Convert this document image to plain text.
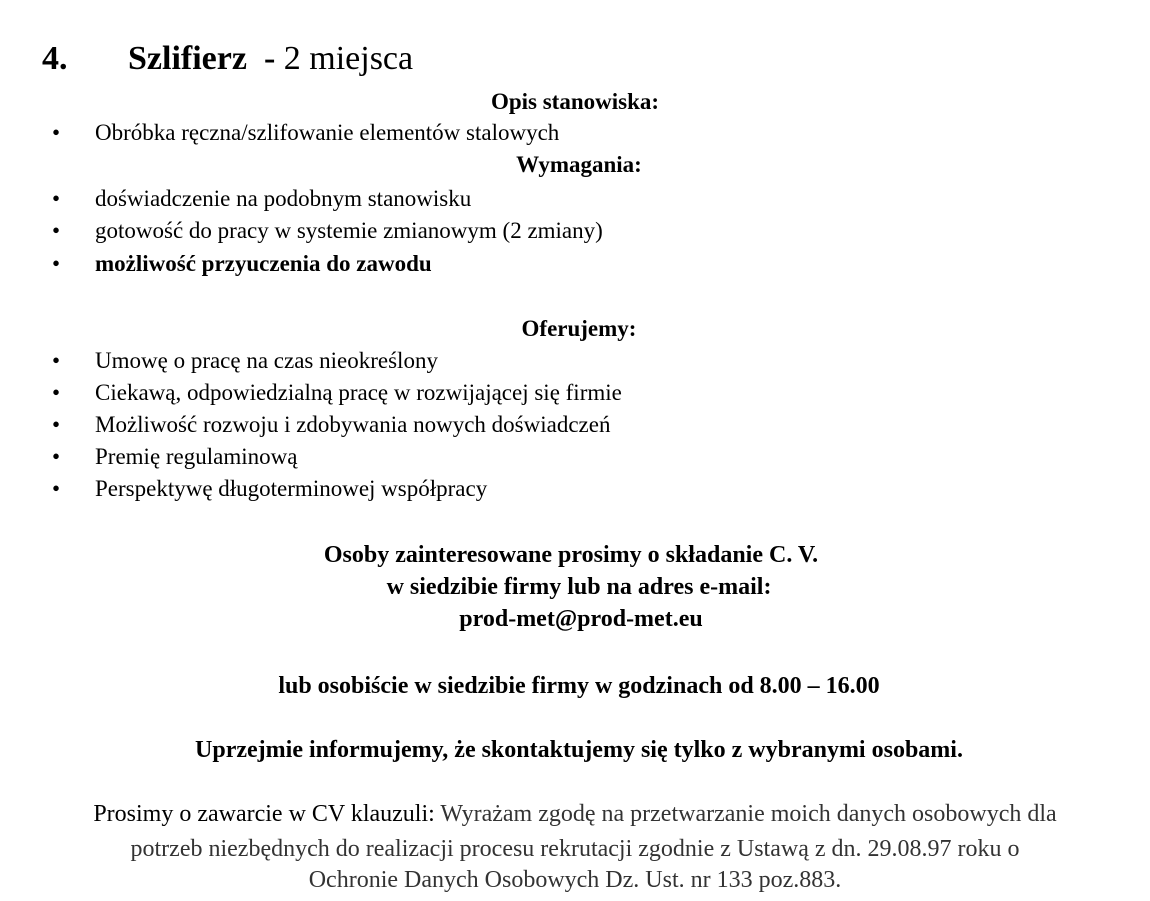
4. Szlifierz - 2 miejsca
Opis stanowiska:
• Obróbka ręczna/szlifowanie elementów stalowych
Wymagania:
• doświadczenie na podobnym stanowisku
• gotowość do pracy w systemie zmianowym (2 zmiany)
• możliwość przyuczenia do zawodu
Oferujemy:
• Umowę o pracę na czas nieokreślony
• Ciekawą, odpowiedzialną pracę w rozwijającej się firmie
• Możliwość rozwoju i zdobywania nowych doświadczeń
• Premię regulaminową
• Perspektywę długoterminowej współpracy
Osoby zainteresowane prosimy o składanie C. V.
w siedzibie firmy lub na adres e-mail:
prod-met@prod-met.eu
lub osobiście w siedzibie firmy w godzinach od 8.00 – 16.00
Uprzejmie informujemy, że skontaktujemy się tylko z wybranymi osobami.
Prosimy o zawarcie w CV klauzuli: Wyrażam zgodę na przetwarzanie moich danych osobowych dla
potrzeb niezbędnych do realizacji procesu rekrutacji zgodnie z Ustawą z dn. 29.08.97 roku o
Ochronie Danych Osobowych Dz. Ust. nr 133 poz.883.
